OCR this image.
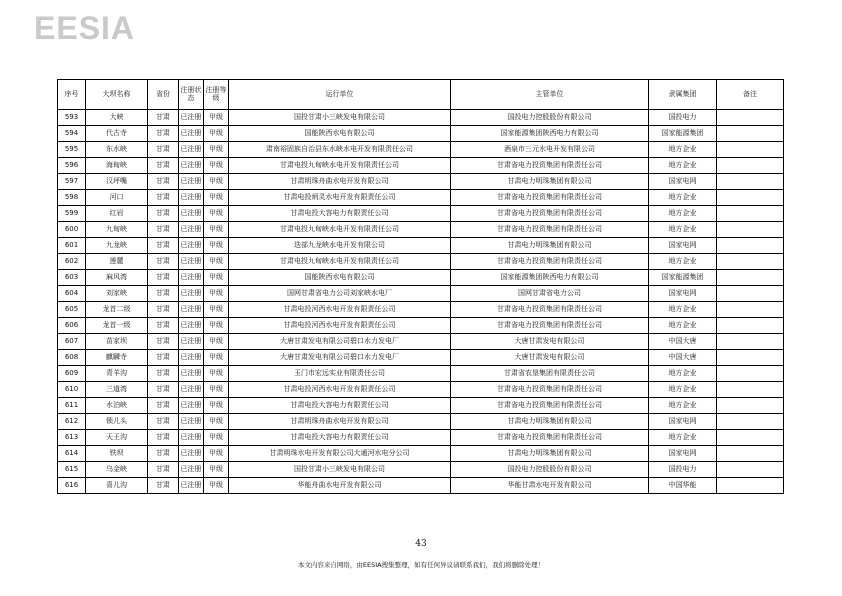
EESIA
序号	大坝名称	省份	注册状态	注册等级	运行单位	主管单位	隶属集团	备注
593	大峡	甘肃	已注册	甲级	国投甘肃小三峡发电有限公司	国投电力控股股份有限公司	国投电力	
594	代古寺	甘肃	已注册	甲级	国能陕西水电有限公司	国家能源集团陕西电力有限公司	国家能源集团	
595	东水峡	甘肃	已注册	甲级	肃南裕固族自治县东水峡水电开发有限责任公司	酒泉市三元水电开发有限公司	地方企业	
596	海甸峡	甘肃	已注册	甲级	甘肃电投九甸峡水电开发有限责任公司	甘肃省电力投资集团有限责任公司	地方企业	
597	汉坪嘴	甘肃	已注册	甲级	甘肃明珠舟曲水电开发有限公司	甘肃电力明珠集团有限公司	国家电网	
598	河口	甘肃	已注册	甲级	甘肃电投炳灵水电开发有限责任公司	甘肃省电力投资集团有限责任公司	地方企业	
599	红岩	甘肃	已注册	甲级	甘肃电投大容电力有限责任公司	甘肃省电力投资集团有限责任公司	地方企业	
600	九甸峡	甘肃	已注册	甲级	甘肃电投九甸峡水电开发有限责任公司	甘肃省电力投资集团有限责任公司	地方企业	
601	九龙峡	甘肃	已注册	甲级	迭部九龙峡水电开发有限公司	甘肃电力明珠集团有限公司	国家电网	
602	莲麓	甘肃	已注册	甲级	甘肃电投九甸峡水电开发有限责任公司	甘肃省电力投资集团有限责任公司	地方企业	
603	麻风湾	甘肃	已注册	甲级	国能陕西水电有限公司	国家能源集团陕西电力有限公司	国家能源集团	
604	刘家峡	甘肃	已注册	甲级	国网甘肃省电力公司刘家峡水电厂	国网甘肃省电力公司	国家电网	
605	龙首二级	甘肃	已注册	甲级	甘肃电投河西水电开发有限责任公司	甘肃省电力投资集团有限责任公司	地方企业	
606	龙首一级	甘肃	已注册	甲级	甘肃电投河西水电开发有限责任公司	甘肃省电力投资集团有限责任公司	地方企业	
607	苗家坝	甘肃	已注册	甲级	大唐甘肃发电有限公司碧口水力发电厂	大唐甘肃发电有限公司	中国大唐	
608	麒麟寺	甘肃	已注册	甲级	大唐甘肃发电有限公司碧口水力发电厂	大唐甘肃发电有限公司	中国大唐	
609	青羊沟	甘肃	已注册	甲级	玉门市宏远实业有限责任公司	甘肃省农垦集团有限责任公司	地方企业	
610	三道湾	甘肃	已注册	甲级	甘肃电投河西水电开发有限责任公司	甘肃省电力投资集团有限责任公司	地方企业	
611	水泊峡	甘肃	已注册	甲级	甘肃电投大容电力有限责任公司	甘肃省电力投资集团有限责任公司	地方企业	
612	锁儿头	甘肃	已注册	甲级	甘肃明珠舟曲水电开发有限公司	甘肃电力明珠集团有限公司	国家电网	
613	天王沟	甘肃	已注册	甲级	甘肃电投大容电力有限责任公司	甘肃省电力投资集团有限责任公司	地方企业	
614	铁坝	甘肃	已注册	甲级	甘肃明珠水电开发有限公司大通河水电分公司	甘肃电力明珠集团有限公司	国家电网	
615	乌金峡	甘肃	已注册	甲级	国投甘肃小三峡发电有限公司	国投电力控股股份有限公司	国投电力	
616	喜儿沟	甘肃	已注册	甲级	华能舟曲水电开发有限公司	华能甘肃水电开发有限公司	中国华能	
43
本文内容来自网络，由EESIA搜集整理，如有任何异议请联系我们，我们将删除处理！
